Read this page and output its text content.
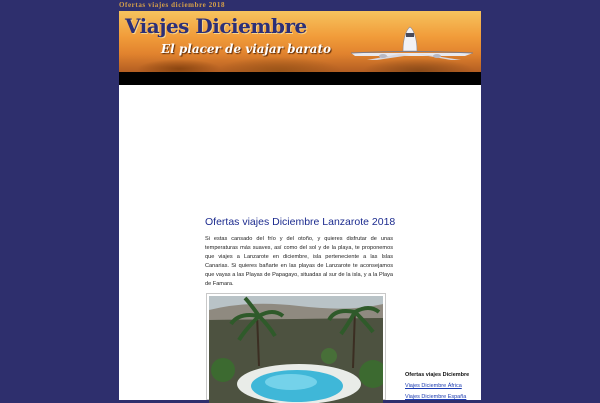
Ofertas viajes diciembre 2018
Viajes Diciembre
El placer de viajar barato
Ofertas viajes Diciembre Lanzarote 2018

Si estas cansado del frío y del otoño, y quieres disfrutar de unas temperaturas más suaves, así como del sol y de la playa, te proponemos que viajes a Lanzarote en diciembre, isla perteneciente a las Islas Canarias. Si quieres bañarte en las playas de Lanzarote te aconsejamos que vayas a las Playas de Papagayo, situadas al sur de la isla, y a la Playa de Famara.

Ofertas viajes Diciembre
Viajes Diciembre África
Viajes Diciembre España
